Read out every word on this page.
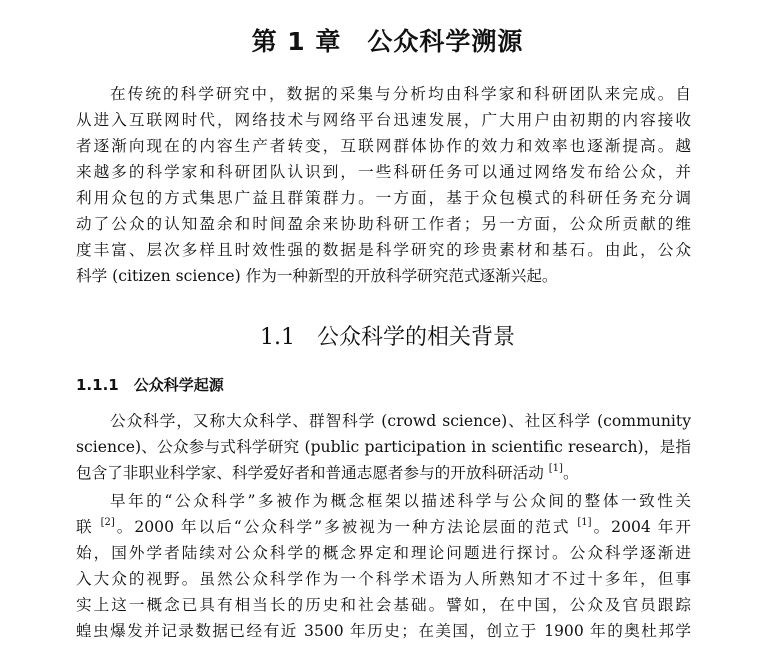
第 1 章　公众科学溯源
在传统的科学研究中，数据的采集与分析均由科学家和科研团队来完成。自
从进入互联网时代，网络技术与网络平台迅速发展，广大用户由初期的内容接收
者逐渐向现在的内容生产者转变，互联网群体协作的效力和效率也逐渐提高。越
来越多的科学家和科研团队认识到，一些科研任务可以通过网络发布给公众，并
利用众包的方式集思广益且群策群力。一方面，基于众包模式的科研任务充分调
动了公众的认知盈余和时间盈余来协助科研工作者；另一方面，公众所贡献的维
度丰富、层次多样且时效性强的数据是科学研究的珍贵素材和基石。由此，公众
科学 (citizen science) 作为一种新型的开放科学研究范式逐渐兴起。
1.1　公众科学的相关背景
1.1.1　公众科学起源
公众科学，又称大众科学、群智科学 (crowd science)、社区科学 (community
science)、公众参与式科学研究 (public participation in scientific research)，是指
包含了非职业科学家、科学爱好者和普通志愿者参与的开放科研活动 [1]。
早年的“公众科学”多被作为概念框架以描述科学与公众间的整体一致性关
联 [2]。2000 年以后“公众科学”多被视为一种方法论层面的范式 [1]。2004 年开
始，国外学者陆续对公众科学的概念界定和理论问题进行探讨。公众科学逐渐进
入大众的视野。虽然公众科学作为一个科学术语为人所熟知才不过十多年，但事
实上这一概念已具有相当长的历史和社会基础。譬如，在中国，公众及官员跟踪
蝗虫爆发并记录数据已经有近 3500 年历史；在美国，创立于 1900 年的奥杜邦学
